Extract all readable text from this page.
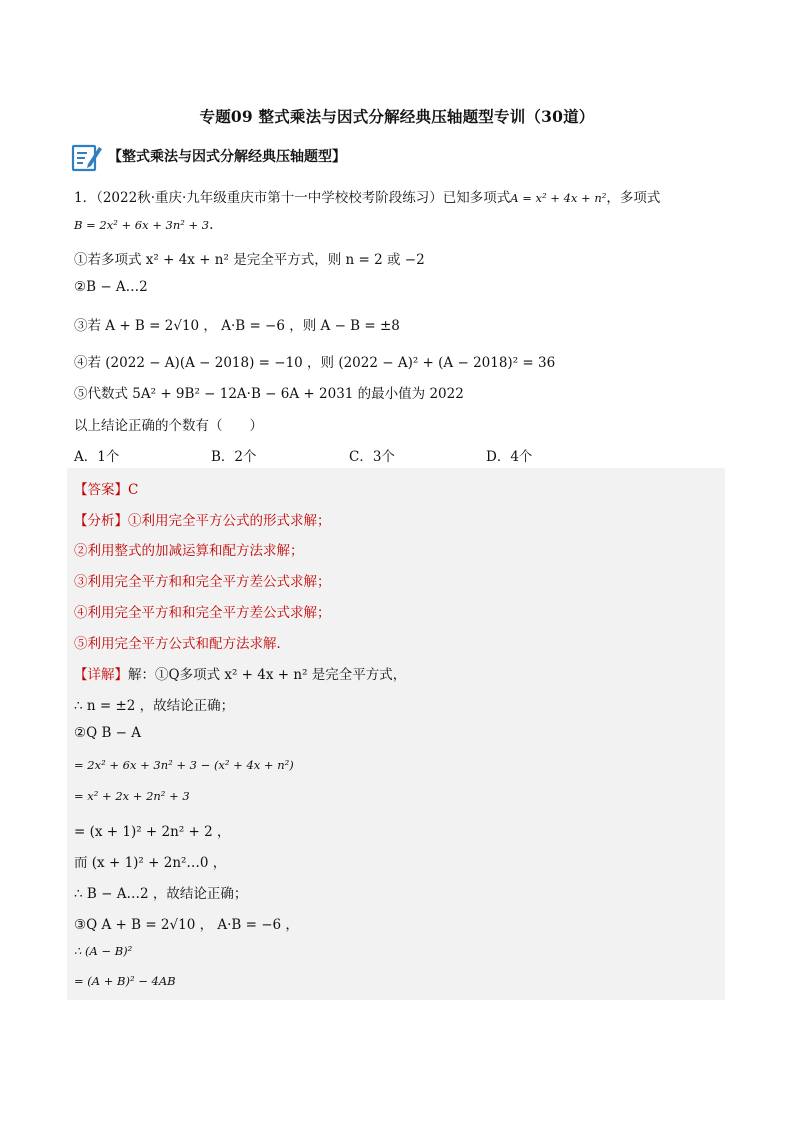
专题09 整式乘法与因式分解经典压轴题型专训（30道）
【整式乘法与因式分解经典压轴题型】
1．（2022秋·重庆·九年级重庆市第十一中学校校考阶段练习）已知多项式A = x² + 4x + n²，多项式
B = 2x² + 6x + 3n² + 3.
①若多项式 x² + 4x + n² 是完全平方式，则 n = 2 或 −2
②B − A…2
③若 A + B = 2√10 ， A·B = −6 ，则 A − B = ±8
④若 (2022 − A)(A − 2018) = −10 ，则 (2022 − A)² + (A − 2018)² = 36
⑤代数式 5A² + 9B² − 12A·B − 6A + 2031 的最小值为 2022
以上结论正确的个数有（　　）
A．1个	B．2个	C．3个	D．4个
【答案】C
【分析】①利用完全平方公式的形式求解；
②利用整式的加减运算和配方法求解；
③利用完全平方和和完全平方差公式求解；
④利用完全平方和和完全平方差公式求解；
⑤利用完全平方公式和配方法求解．
【详解】解：①Q多项式 x² + 4x + n² 是完全平方式，
∴ n = ±2 ，故结论正确；
②Q B − A
= 2x² + 6x + 3n² + 3 − (x² + 4x + n²)
= x² + 2x + 2n² + 3
= (x + 1)² + 2n² + 2 ，
而 (x + 1)² + 2n²…0 ，
∴ B − A…2 ，故结论正确；
③Q A + B = 2√10 ， A·B = −6 ，
∴ (A − B)²
= (A + B)² − 4AB
